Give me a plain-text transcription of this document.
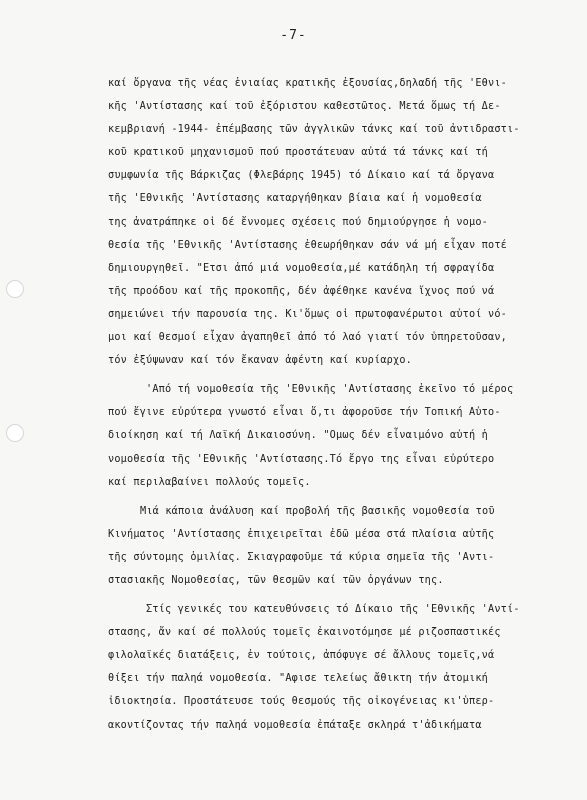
-7-
καί ὄργανα τῆς νέας ἑνιαίας κρατικῆς ἐξουσίας,δηλαδή τῆς 'Εθνι-
κῆς 'Αντίστασης καί τοῦ ἐξόριστου καθεστῶτος. Μετά ὅμως τή Δε-
κεμβριανή -1944- ἐπέμβασης τῶν ἀγγλικῶν τάνκς καί τοῦ ἀντιδραστι-
κοῦ κρατικοῦ μηχανισμοῦ πού προστάτευαν αὐτά τά τάνκς καί τή
συμφωνία τῆς Βάρκιζας (Φλεβάρης 1945) τό Δίκαιο καί τά ὄργανα
τῆς 'Εθνικῆς 'Αντίστασης καταργήθηκαν βίαια καί ἡ νομοθεσία
της ἀνατράπηκε οἱ δέ ἔννομες σχέσεις πού δημιούργησε ἡ νομο-
θεσία τῆς 'Εθνικῆς 'Αντίστασης ἐθεωρήθηκαν σάν νά μή εἶχαν ποτέ
δημιουργηθεῖ. "Ετσι ἀπό μιά νομοθεσία,μέ κατάδηλη τή σφραγίδα
τῆς προόδου καί τῆς προκοπῆς, δέν ἀφέθηκε κανένα ἴχνος πού νά
σημειώνει τήν παρουσία της. Κι'ὅμως οἱ πρωτοφανέρωτοι αὐτοί νό-
μοι καί θεσμοί εἶχαν ἀγαπηθεῖ ἀπό τό λαό γιατί τόν ὑπηρετοῦσαν,
τόν ἐξύψωναν καί τόν ἔκαναν ἀφέντη καί κυρίαρχο.
'Από τή νομοθεσία τῆς 'Εθνικῆς 'Αντίστασης ἐκεῖνο τό μέρος
πού ἔγινε εὐρύτερα γνωστό εἶναι ὅ,τι ἀφοροῦσε τήν Τοπική Αὐτο-
διοίκηση καί τή Λαϊκή Δικαιοσύνη. "Ομως δέν εἶναιμόνο αὐτή ἡ
νομοθεσία τῆς 'Εθνικῆς 'Αντίστασης.Τό ἔργο της εἶναι εὐρύτερο
καί περιλαβαίνει πολλούς τομεῖς.
Μιά κάποια ἀνάλυση καί προβολή τῆς βασικῆς νομοθεσία τοῦ
Κινήματος 'Αντίστασης ἐπιχειρεῖται ἐδῶ μέσα στά πλαίσια αὐτῆς
τῆς σύντομης ὁμιλίας. Σκιαγραφοῦμε τά κύρια σημεῖα τῆς 'Αντι-
στασιακῆς Νομοθεσίας, τῶν θεσμῶν καί τῶν ὀργάνων της.
Στίς γενικές του κατευθύνσεις τό Δίκαιο τῆς 'Εθνικῆς 'Αντί-
στασης, ἄν καί σέ πολλούς τομεῖς ἐκαινοτόμησε μέ ριζοσπαστικές
φιλολαϊκές διατάξεις, ἐν τούτοις, ἀπόφυγε σέ ἄλλους τομεῖς,νά
θίξει τήν παληά νομοθεσία. "Αφισε τελείως ἄθικτη τήν ἀτομική
ἰδιοκτησία. Προστάτευσε τούς θεσμούς τῆς οἰκογένειας κι'ὑπερ-
ακοντίζοντας τήν παληά νομοθεσία ἐπάταξε σκληρά τ'ἀδικήματα
